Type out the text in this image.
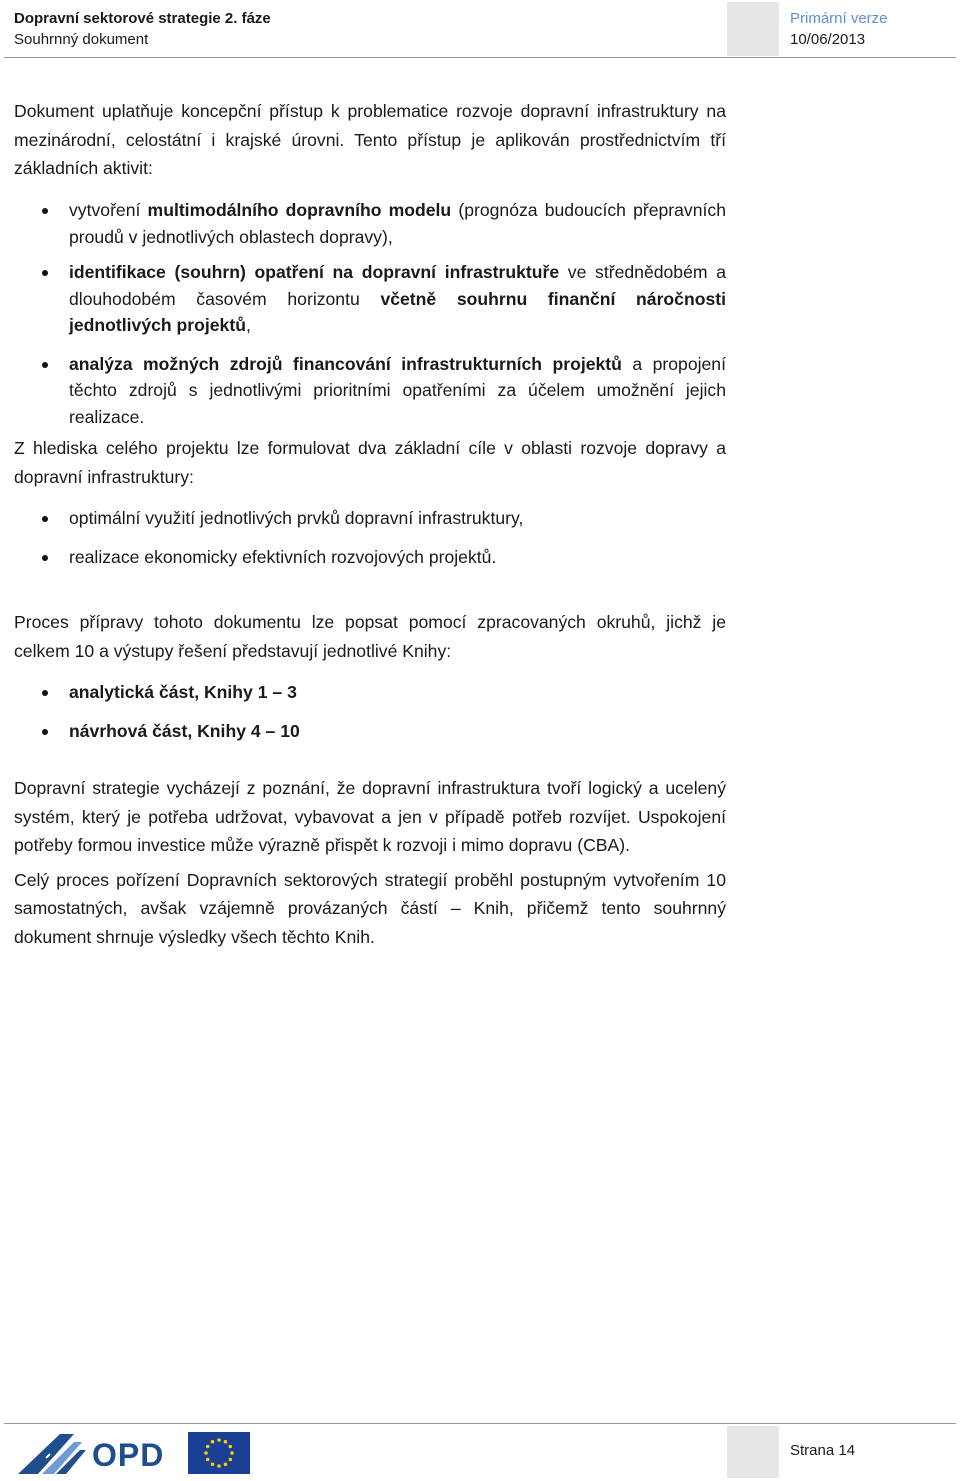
Dopravní sektorové strategie 2. fáze
Souhrnný dokument
Primární verze
10/06/2013

Dokument uplatňuje koncepční přístup k problematice rozvoje dopravní infrastruktury na mezinárodní, celostátní i krajské úrovni. Tento přístup je aplikován prostřednictvím tří základních aktivit:

vytvoření multimodálního dopravního modelu (prognóza budoucích přepravních proudů v jednotlivých oblastech dopravy),

identifikace (souhrn) opatření na dopravní infrastruktuře ve střednědobém a dlouhodobém časovém horizontu včetně souhrnu finanční náročnosti jednotlivých projektů,

analýza možných zdrojů financování infrastrukturních projektů a propojení těchto zdrojů s jednotlivými prioritními opatřeními za účelem umožnění jejich realizace.

Z hlediska celého projektu lze formulovat dva základní cíle v oblasti rozvoje dopravy a dopravní infrastruktury:

optimální využití jednotlivých prvků dopravní infrastruktury,

realizace ekonomicky efektivních rozvojových projektů.

Proces přípravy tohoto dokumentu lze popsat pomocí zpracovaných okruhů, jichž je celkem 10 a výstupy řešení představují jednotlivé Knihy:

analytická část, Knihy 1 – 3

návrhová část, Knihy 4 – 10

Dopravní strategie vycházejí z poznání, že dopravní infrastruktura tvoří logický a ucelený systém, který je potřeba udržovat, vybavovat a jen v případě potřeb rozvíjet. Uspokojení potřeby formou investice může výrazně přispět k rozvoji i mimo dopravu (CBA).

Celý proces pořízení Dopravních sektorových strategií proběhl postupným vytvořením 10 samostatných, avšak vzájemně provázaných částí – Knih, přičemž tento souhrnný dokument shrnuje výsledky všech těchto Knih.

OPD	Strana 14
